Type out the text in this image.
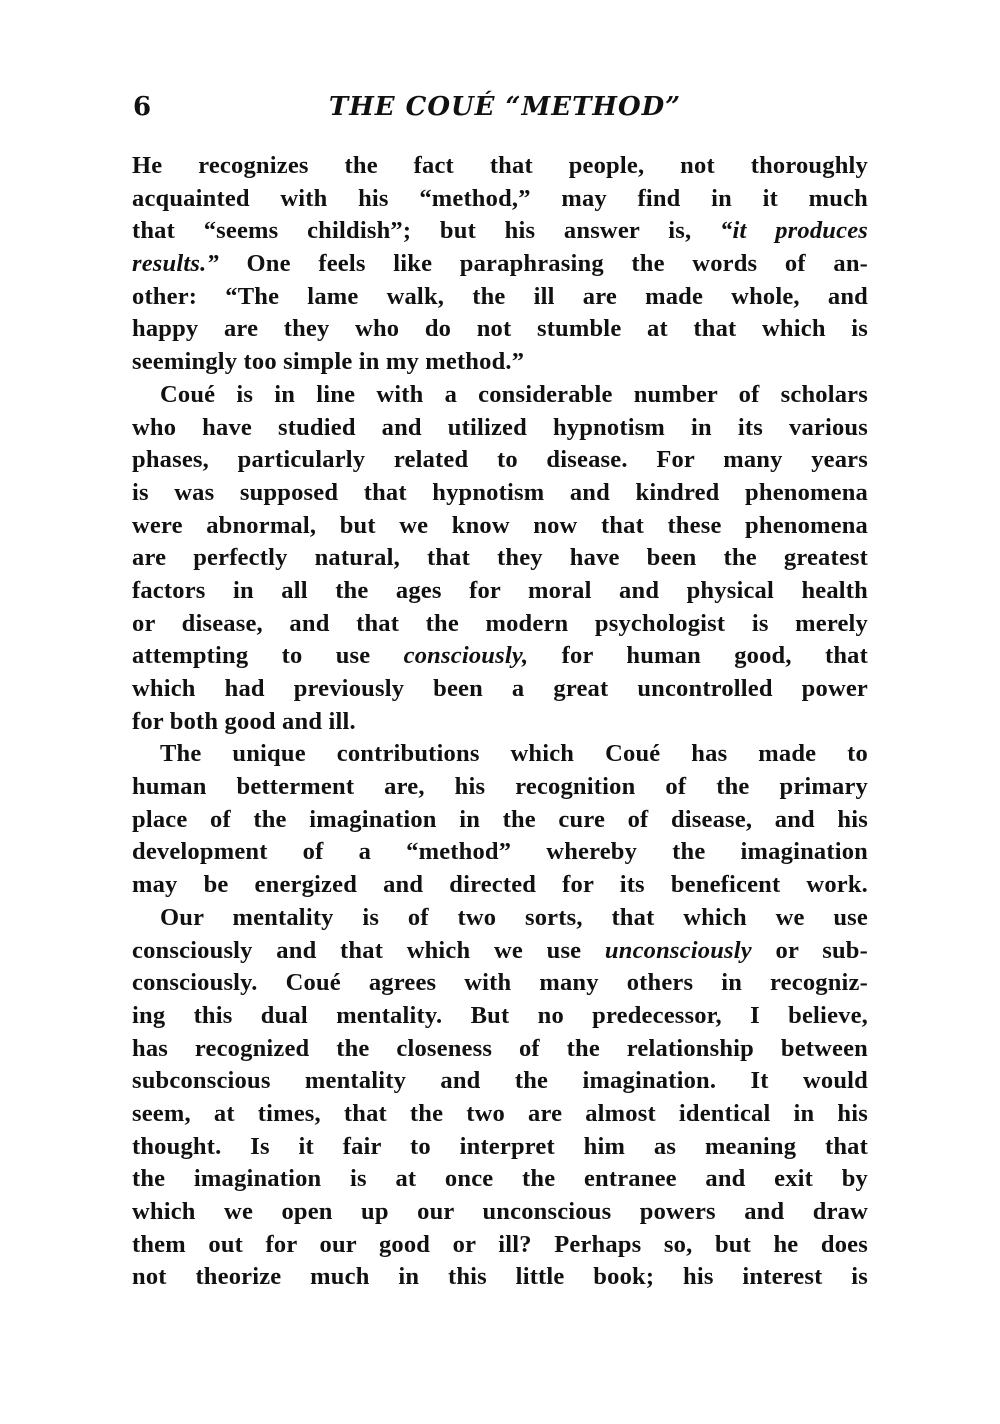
6	THE COUÉ “METHOD”
He recognizes the fact that people, not thoroughly
acquainted with his “method,” may find in it much
that “seems childish”; but his answer is, “it produces
results.” One feels like paraphrasing the words of an-
other: “The lame walk, the ill are made whole, and
happy are they who do not stumble at that which is
seemingly too simple in my method.”
Coué is in line with a considerable number of scholars
who have studied and utilized hypnotism in its various
phases, particularly related to disease. For many years
is was supposed that hypnotism and kindred phenomena
were abnormal, but we know now that these phenomena
are perfectly natural, that they have been the greatest
factors in all the ages for moral and physical health
or disease, and that the modern psychologist is merely
attempting to use consciously, for human good, that
which had previously been a great uncontrolled power
for both good and ill.
The unique contributions which Coué has made to
human betterment are, his recognition of the primary
place of the imagination in the cure of disease, and his
development of a “method” whereby the imagination
may be energized and directed for its beneficent work.
Our mentality is of two sorts, that which we use
consciously and that which we use unconsciously or sub-
consciously. Coué agrees with many others in recogniz-
ing this dual mentality. But no predecessor, I believe,
has recognized the closeness of the relationship between
subconscious mentality and the imagination. It would
seem, at times, that the two are almost identical in his
thought. Is it fair to interpret him as meaning that
the imagination is at once the entranee and exit by
which we open up our unconscious powers and draw
them out for our good or ill? Perhaps so, but he does
not theorize much in this little book; his interest is
